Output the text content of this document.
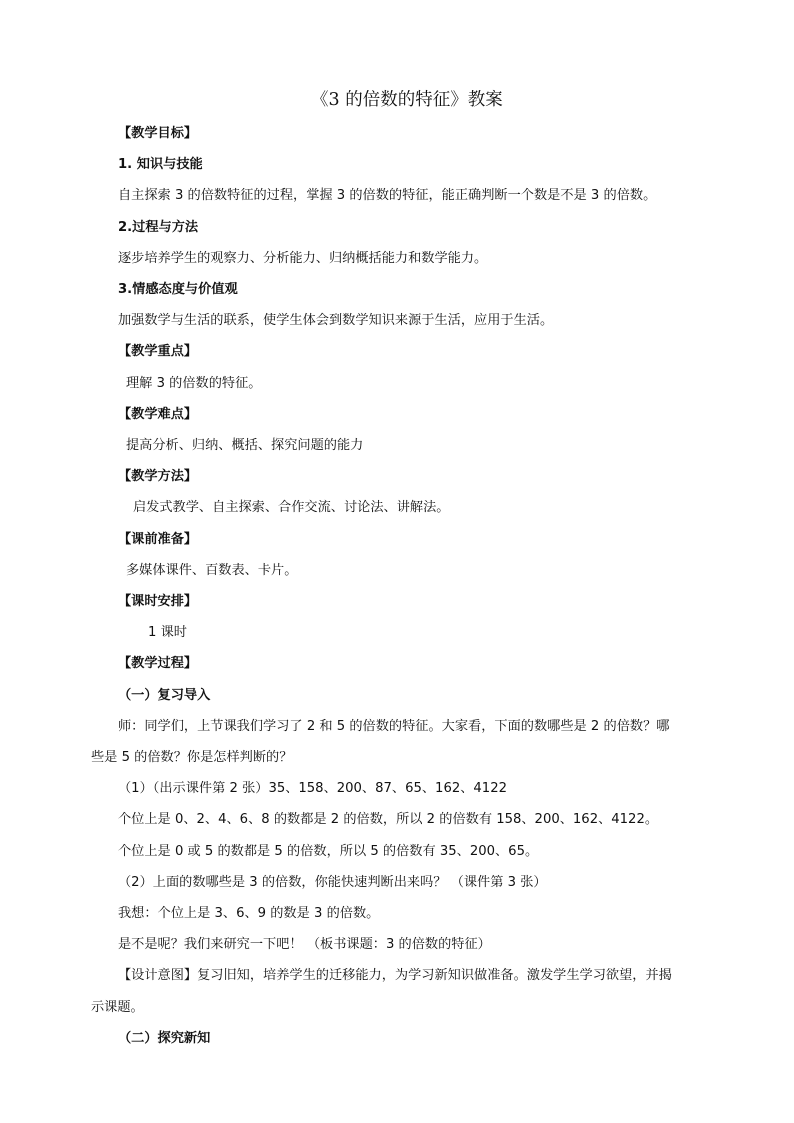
《3 的倍数的特征》教案
【教学目标】
1. 知识与技能
自主探索 3 的倍数特征的过程，掌握 3 的倍数的特征，能正确判断一个数是不是 3 的倍数。
2.过程与方法
逐步培养学生的观察力、分析能力、归纳概括能力和数学能力。
3.情感态度与价值观
加强数学与生活的联系，使学生体会到数学知识来源于生活，应用于生活。
【教学重点】
理解 3 的倍数的特征。
【教学难点】
提高分析、归纳、概括、探究问题的能力
【教学方法】
启发式教学、自主探索、合作交流、讨论法、讲解法。
【课前准备】
多媒体课件、百数表、卡片。
【课时安排】
1 课时
【教学过程】
（一）复习导入
师：同学们，上节课我们学习了 2 和 5 的倍数的特征。大家看，下面的数哪些是 2 的倍数？哪
些是 5 的倍数？你是怎样判断的？
（1）（出示课件第 2 张）35、158、200、87、65、162、4122
个位上是 0、2、4、6、8 的数都是 2 的倍数，所以 2 的倍数有 158、200、162、4122。
个位上是 0 或 5 的数都是 5 的倍数，所以 5 的倍数有 35、200、65。
（2）上面的数哪些是 3 的倍数，你能快速判断出来吗？ （课件第 3 张）
我想：个位上是 3、6、9 的数是 3 的倍数。
是不是呢？我们来研究一下吧！ （板书课题：3 的倍数的特征）
【设计意图】复习旧知，培养学生的迁移能力，为学习新知识做准备。激发学生学习欲望，并揭
示课题。
（二）探究新知
